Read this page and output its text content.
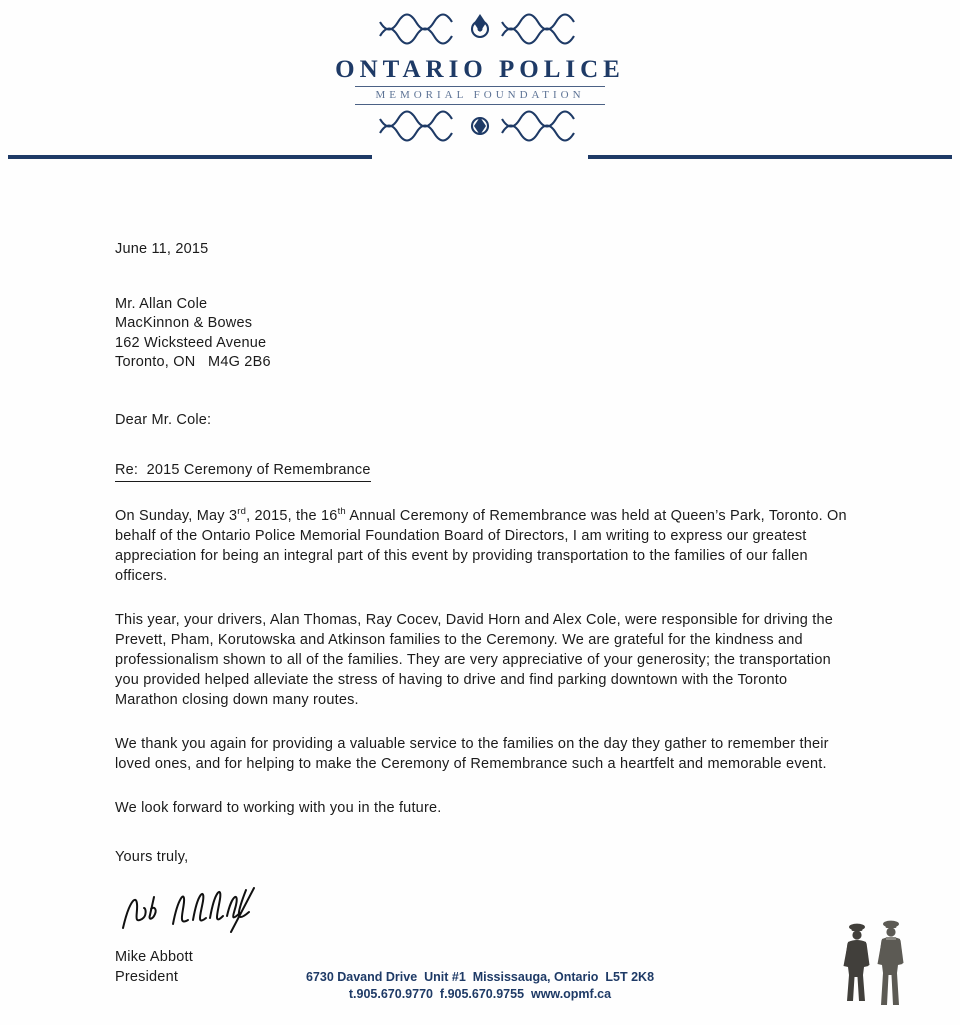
ONTARIO POLICE
MEMORIAL FOUNDATION
June 11, 2015
Mr. Allan Cole
MacKinnon & Bowes
162 Wicksteed Avenue
Toronto, ON   M4G 2B6
Dear Mr. Cole:
Re:  2015 Ceremony of Remembrance

On Sunday, May 3rd, 2015, the 16th Annual Ceremony of Remembrance was held at Queen’s Park, Toronto. On behalf of the Ontario Police Memorial Foundation Board of Directors, I am writing to express our greatest appreciation for being an integral part of this event by providing transportation to the families of our fallen officers.

This year, your drivers, Alan Thomas, Ray Cocev, David Horn and Alex Cole, were responsible for driving the Prevett, Pham, Korutowska and Atkinson families to the Ceremony. We are grateful for the kindness and professionalism shown to all of the families. They are very appreciative of your generosity; the transportation you provided helped alleviate the stress of having to drive and find parking downtown with the Toronto Marathon closing down many routes.

We thank you again for providing a valuable service to the families on the day they gather to remember their loved ones, and for helping to make the Ceremony of Remembrance such a heartfelt and memorable event.

We look forward to working with you in the future.

Yours truly,
Mike Abbott
President	6730 Davand Drive  Unit #1  Mississauga, Ontario  L5T 2K8
t.905.670.9770  f.905.670.9755  www.opmf.ca
